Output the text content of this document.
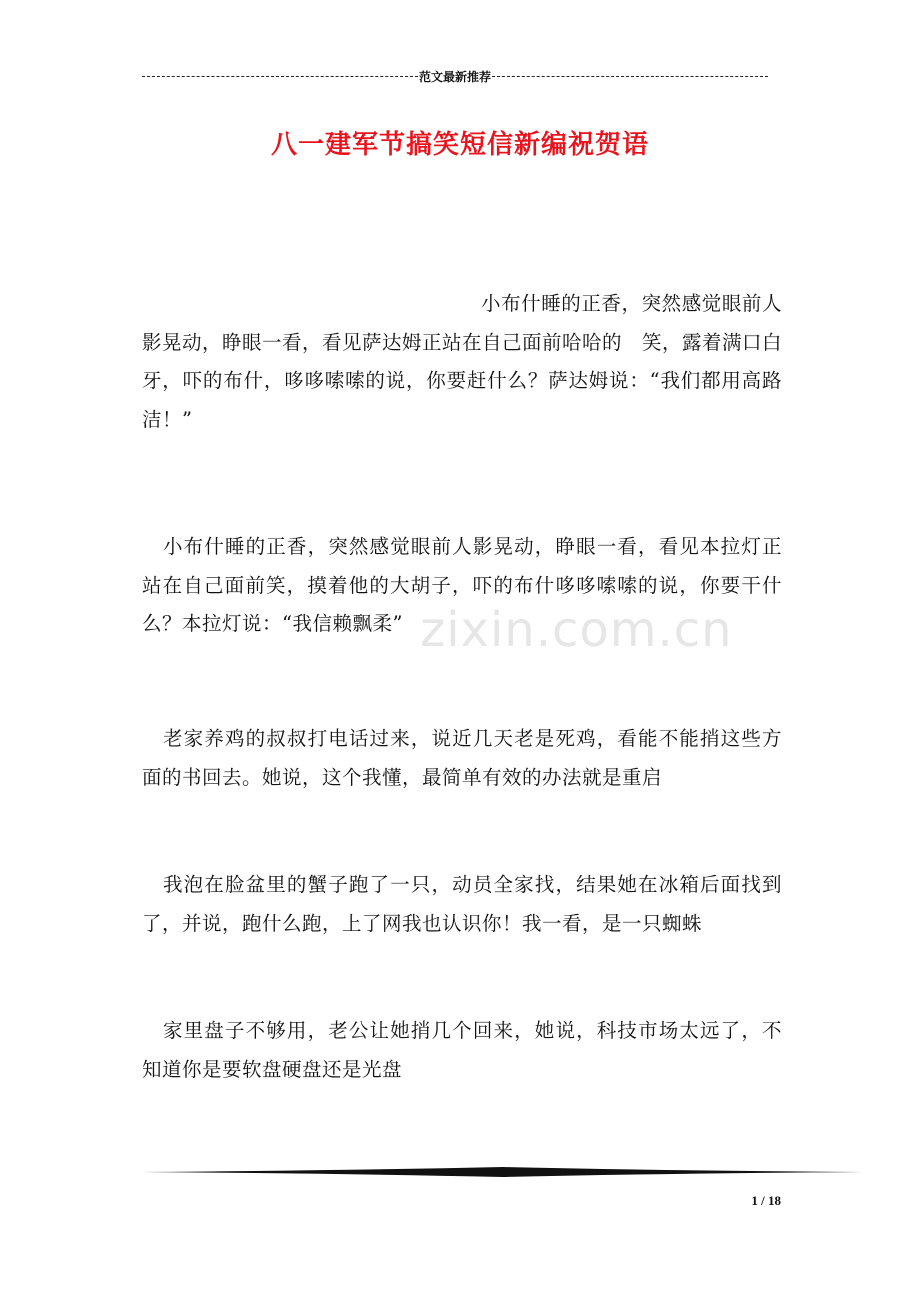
范文最新推荐
八一建军节搞笑短信新编祝贺语

小布什睡的正香，突然感觉眼前人影晃动，睁眼一看，看见萨达姆正站在自己面前哈哈的　笑，露着满口白牙，吓的布什，哆哆嗦嗦的说，你要赶什么？萨达姆说：“我们都用高路洁！”

小布什睡的正香，突然感觉眼前人影晃动，睁眼一看，看见本拉灯正站在自己面前笑，摸着他的大胡子，吓的布什哆哆嗦嗦的说，你要干什么？本拉灯说：“我信赖飘柔”

老家养鸡的叔叔打电话过来，说近几天老是死鸡，看能不能捎这些方面的书回去。她说，这个我懂，最简单有效的办法就是重启

我泡在脸盆里的蟹子跑了一只，动员全家找，结果她在冰箱后面找到了，并说，跑什么跑，上了网我也认识你！我一看，是一只蜘蛛

家里盘子不够用，老公让她捎几个回来，她说，科技市场太远了，不知道你是要软盘硬盘还是光盘

zixin.com.cn
1 / 18
